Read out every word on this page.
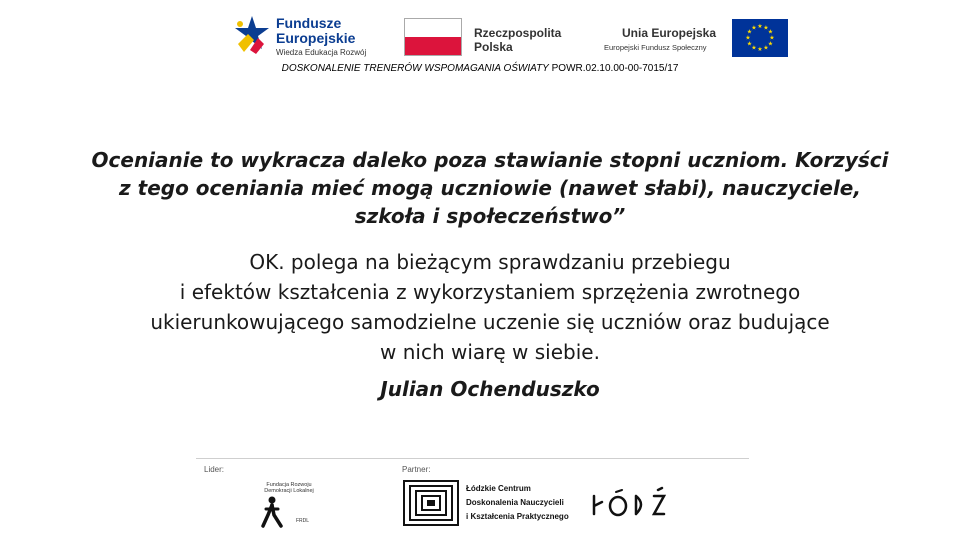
Fundusze
Europejskie
Wiedza Edukacja Rozwój
Rzeczpospolita
Polska
Unia Europejska
Europejski Fundusz Społeczny
★ ★
★
★
★
★
★
★
★
★
★
★
DOSKONALENIE TRENERÓW WSPOMAGANIA OŚWIATY POWR.02.10.00-00-7015/17
Ocenianie to wykracza daleko poza stawianie stopni uczniom. Korzyści
z tego oceniania mieć mogą uczniowie (nawet słabi), nauczyciele,
szkoła i społeczeństwo”
OK. polega na bieżącym sprawdzaniu przebiegu
i efektów kształcenia z wykorzystaniem sprzężenia zwrotnego
ukierunkowującego samodzielne uczenie się uczniów oraz budujące
w nich wiarę w siebie.
Julian Ochenduszko
Lider:	Partner:
Fundacja Rozwoju Demokracji Lokalnej
FRDL
Łódzkie Centrum
Doskonalenia Nauczycieli
i Kształcenia Praktycznego
